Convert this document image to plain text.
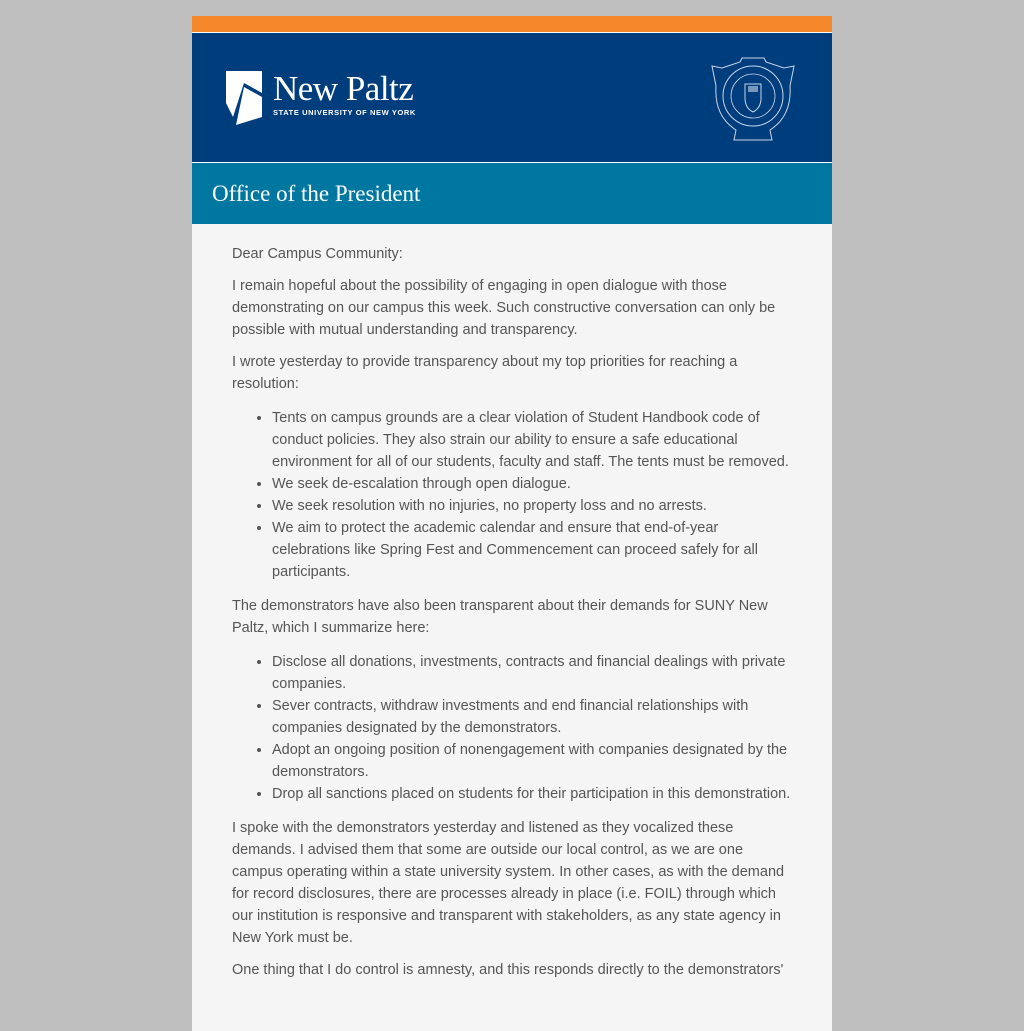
New Paltz
STATE UNIVERSITY OF NEW YORK
Office of the President

Dear Campus Community:

I remain hopeful about the possibility of engaging in open dialogue with those demonstrating on our campus this week. Such constructive conversation can only be possible with mutual understanding and transparency.

I wrote yesterday to provide transparency about my top priorities for reaching a resolution:

• Tents on campus grounds are a clear violation of Student Handbook code of conduct policies. They also strain our ability to ensure a safe educational environment for all of our students, faculty and staff. The tents must be removed.
• We seek de-escalation through open dialogue.
• We seek resolution with no injuries, no property loss and no arrests.
• We aim to protect the academic calendar and ensure that end-of-year celebrations like Spring Fest and Commencement can proceed safely for all participants.

The demonstrators have also been transparent about their demands for SUNY New Paltz, which I summarize here:

• Disclose all donations, investments, contracts and financial dealings with private companies.
• Sever contracts, withdraw investments and end financial relationships with companies designated by the demonstrators.
• Adopt an ongoing position of nonengagement with companies designated by the demonstrators.
• Drop all sanctions placed on students for their participation in this demonstration.

I spoke with the demonstrators yesterday and listened as they vocalized these demands. I advised them that some are outside our local control, as we are one campus operating within a state university system. In other cases, as with the demand for record disclosures, there are processes already in place (i.e. FOIL) through which our institution is responsive and transparent with stakeholders, as any state agency in New York must be.

One thing that I do control is amnesty, and this responds directly to the demonstrators'
